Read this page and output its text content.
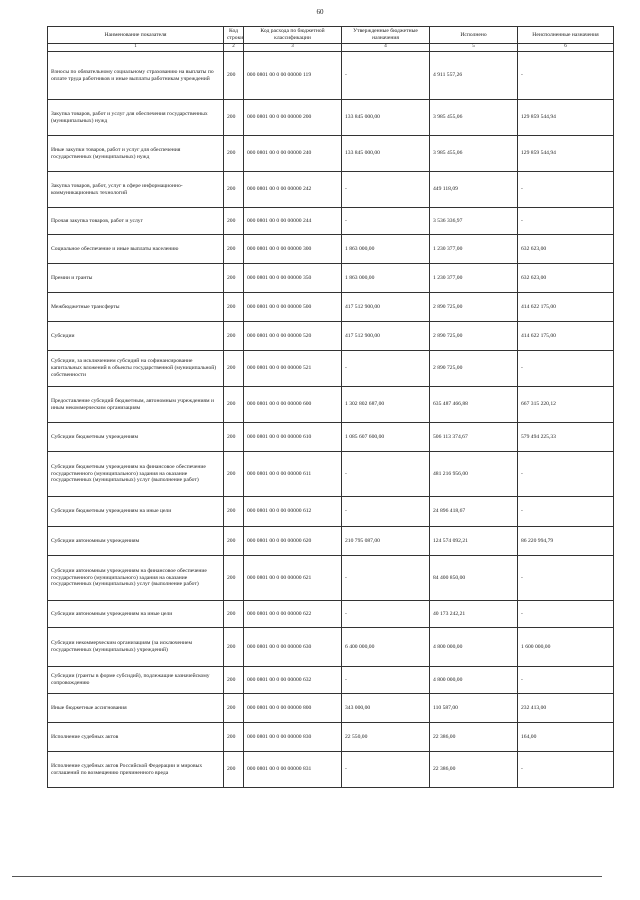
60
Наименование показателя	Код строки	Код расхода по бюджетной классификации	Утвержденные бюджетные назначения	Исполнено	Неисполненные назначения
1	2	3	4	5	6
Взносы по обязательному социальному страхованию на выплаты по оплате труда работников и иные выплаты работникам учреждений	200	000 0801 00 0 00 00000 119	-	4 911 557,26	-
Закупка товаров, работ и услуг для обеспечения государственных (муниципальных) нужд	200	000 0801 00 0 00 00000 200	133 845 000,00	3 985 455,06	129 859 544,94
Иные закупки товаров, работ и услуг для обеспечения государственных (муниципальных) нужд	200	000 0801 00 0 00 00000 240	133 845 000,00	3 985 455,06	129 859 544,94
Закупка товаров, работ, услуг в сфере информационно-коммуникационных технологий	200	000 0801 00 0 00 00000 242	-	449 118,09	-
Прочая закупка товаров, работ и услуг	200	000 0801 00 0 00 00000 244	-	3 536 336,97	-
Социальное обеспечение и иные выплаты населению	200	000 0801 00 0 00 00000 300	1 863 000,00	1 230 377,00	632 623,00
Премии и гранты	200	000 0801 00 0 00 00000 350	1 863 000,00	1 230 377,00	632 623,00
Межбюджетные трансферты	200	000 0801 00 0 00 00000 500	417 512 900,00	2 890 725,00	414 622 175,00
Субсидии	200	000 0801 00 0 00 00000 520	417 512 900,00	2 890 725,00	414 622 175,00
Субсидии, за исключением субсидий на софинансирование капитальных вложений в объекты государственной (муниципальной) собственности	200	000 0801 00 0 00 00000 521	-	2 890 725,00	-
Предоставление субсидий бюджетным, автономным учреждениям и иным некоммерческим организациям	200	000 0801 00 0 00 00000 600	1 302 802 687,00	635 487 466,88	667 315 220,12
Субсидии бюджетным учреждениям	200	000 0801 00 0 00 00000 610	1 085 607 600,00	506 113 374,67	579 494 225,33
Субсидии бюджетным учреждениям на финансовое обеспечение государственного (муниципального) задания на оказание государственных (муниципальных) услуг (выполнение работ)	200	000 0801 00 0 00 00000 611	-	481 216 956,00	-
Субсидии бюджетным учреждениям на иные цели	200	000 0801 00 0 00 00000 612	-	24 896 418,67	-
Субсидии автономным учреждениям	200	000 0801 00 0 00 00000 620	210 795 087,00	124 574 092,21	86 220 994,79
Субсидии автономным учреждениям на финансовое обеспечение государственного (муниципального) задания на оказание государственных (муниципальных) услуг (выполнение работ)	200	000 0801 00 0 00 00000 621	-	84 400 850,00	-
Субсидии автономным учреждениям на иные цели	200	000 0801 00 0 00 00000 622	-	40 173 242,21	-
Субсидии некоммерческим организациям (за исключением государственных (муниципальных) учреждений)	200	000 0801 00 0 00 00000 630	6 400 000,00	4 800 000,00	1 600 000,00
Субсидии (гранты в форме субсидий), подлежащие казначейскому сопровождению	200	000 0801 00 0 00 00000 632	-	4 800 000,00	-
Иные бюджетные ассигнования	200	000 0801 00 0 00 00000 800	343 000,00	110 587,00	232 413,00
Исполнение судебных актов	200	000 0801 00 0 00 00000 830	22 550,00	22 386,00	164,00
Исполнение судебных актов Российской Федерации и мировых соглашений по возмещению причиненного вреда	200	000 0801 00 0 00 00000 831	-	22 386,00	-
